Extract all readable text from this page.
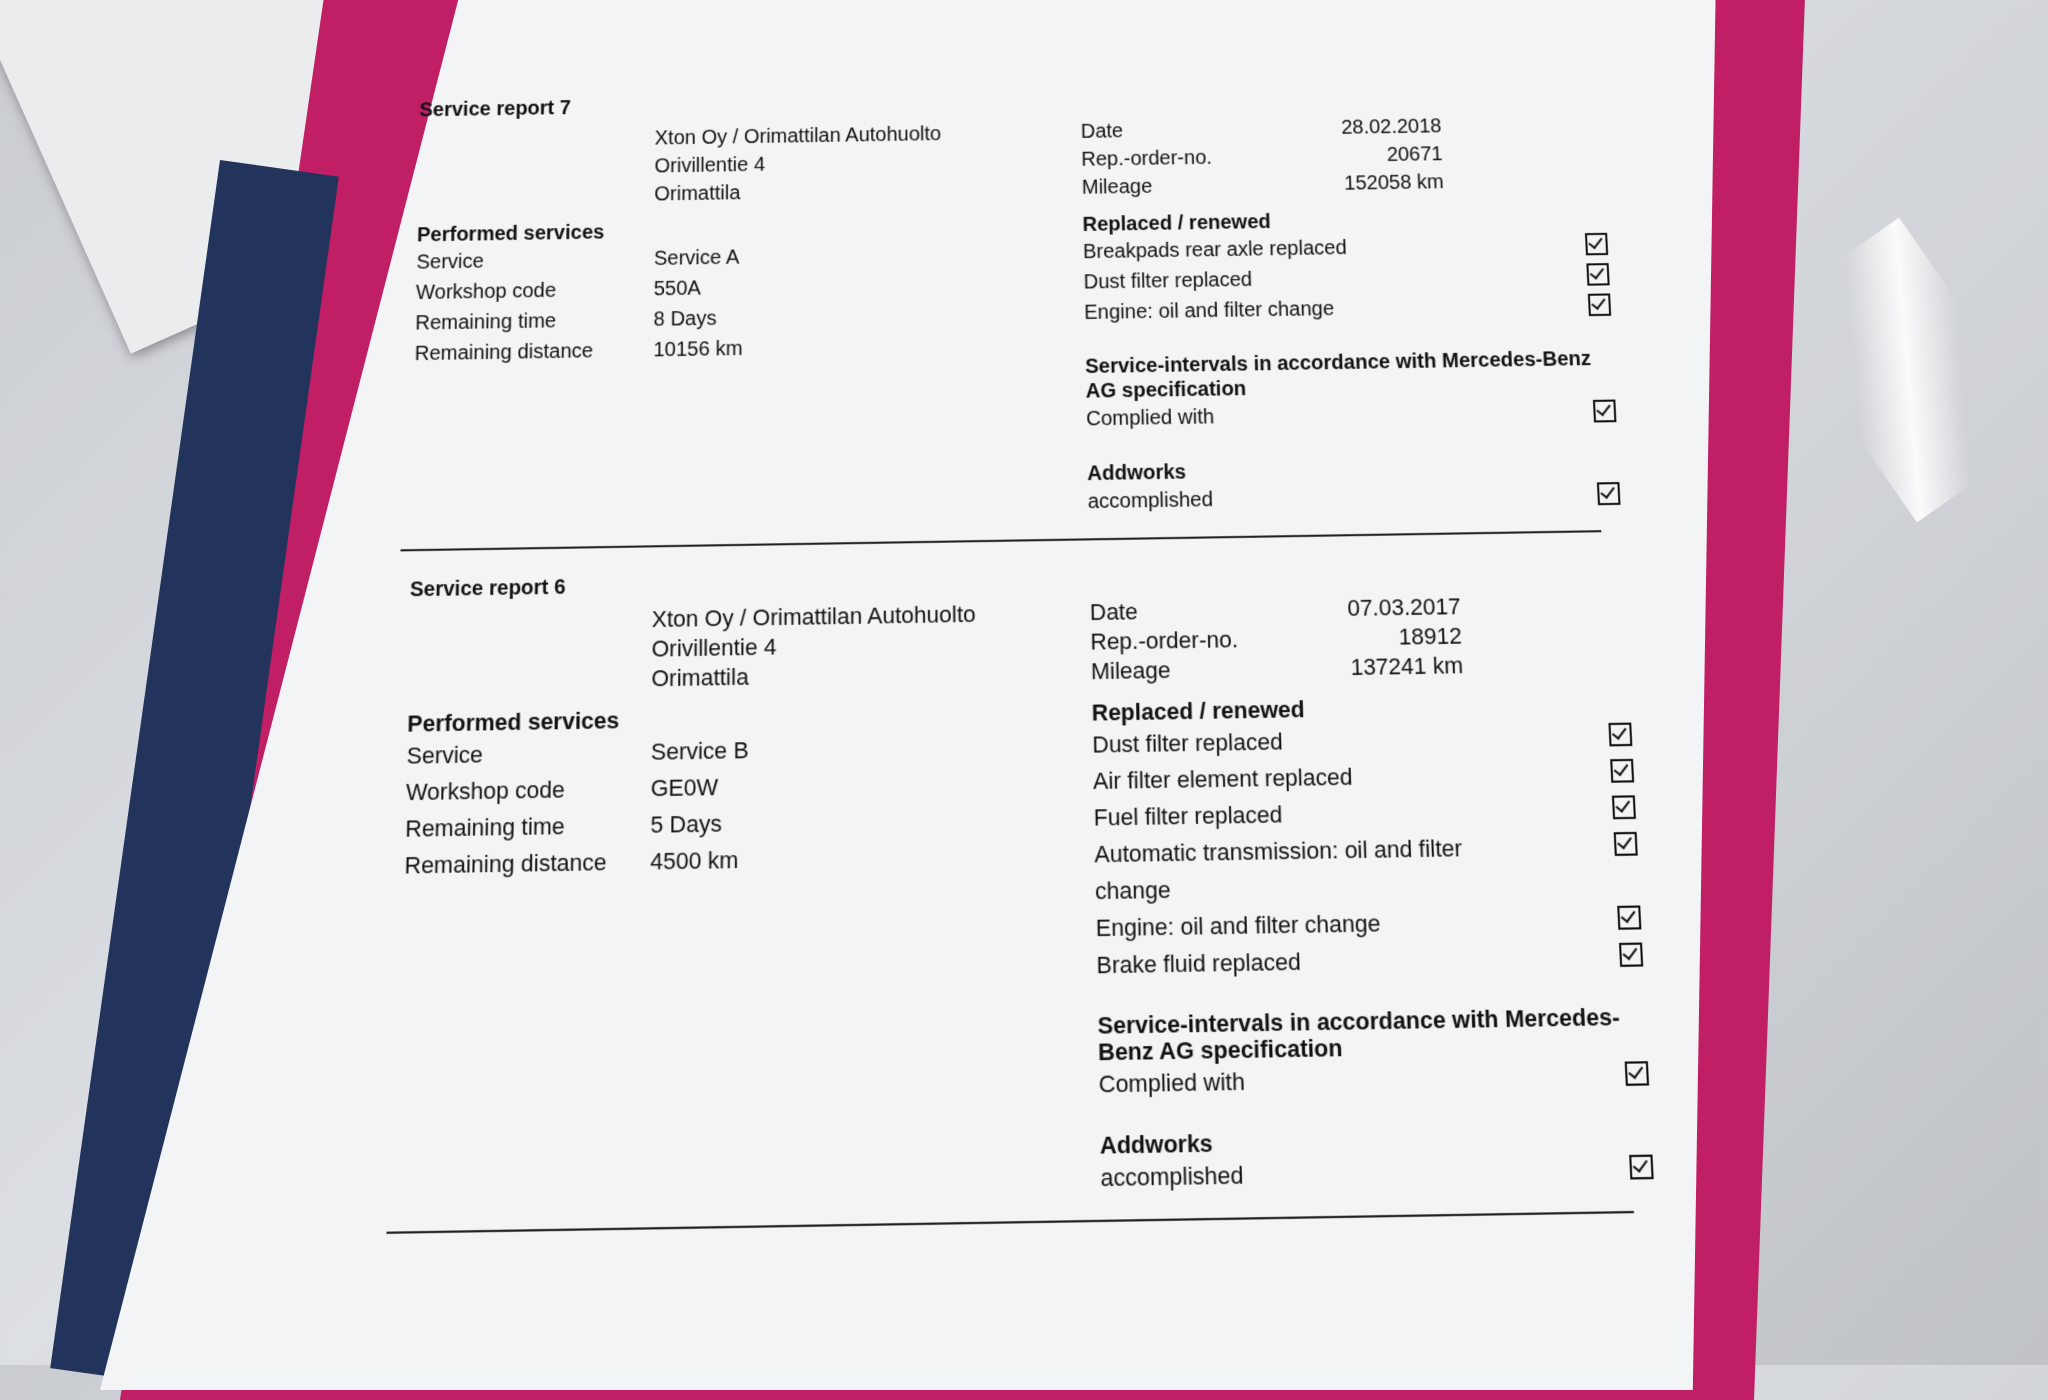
Service report 7
Xton Oy / Orimattilan Autohuolto
Orivillentie 4
Orimattila
Performed services
Service	Service A
Workshop code	550A
Remaining time	8 Days
Remaining distance	10156 km
Date	28.02.2018
Rep.-order-no.	20671
Mileage	152058 km
Replaced / renewed
Breakpads rear axle replaced
Dust filter replaced
Engine: oil and filter change
Service-intervals in accordance with Mercedes-Benz AG specification
Complied with
Addworks
accomplished
Service report 6
Xton Oy / Orimattilan Autohuolto
Orivillentie 4
Orimattila
Performed services
Service	Service B
Workshop code	GE0W
Remaining time	5 Days
Remaining distance	4500 km
Date	07.03.2017
Rep.-order-no.	18912
Mileage	137241 km
Replaced / renewed
Dust filter replaced
Air filter element replaced
Fuel filter replaced
Automatic transmission: oil and filter change
Engine: oil and filter change
Brake fluid replaced
Service-intervals in accordance with Mercedes-Benz AG specification
Complied with
Addworks
accomplished
